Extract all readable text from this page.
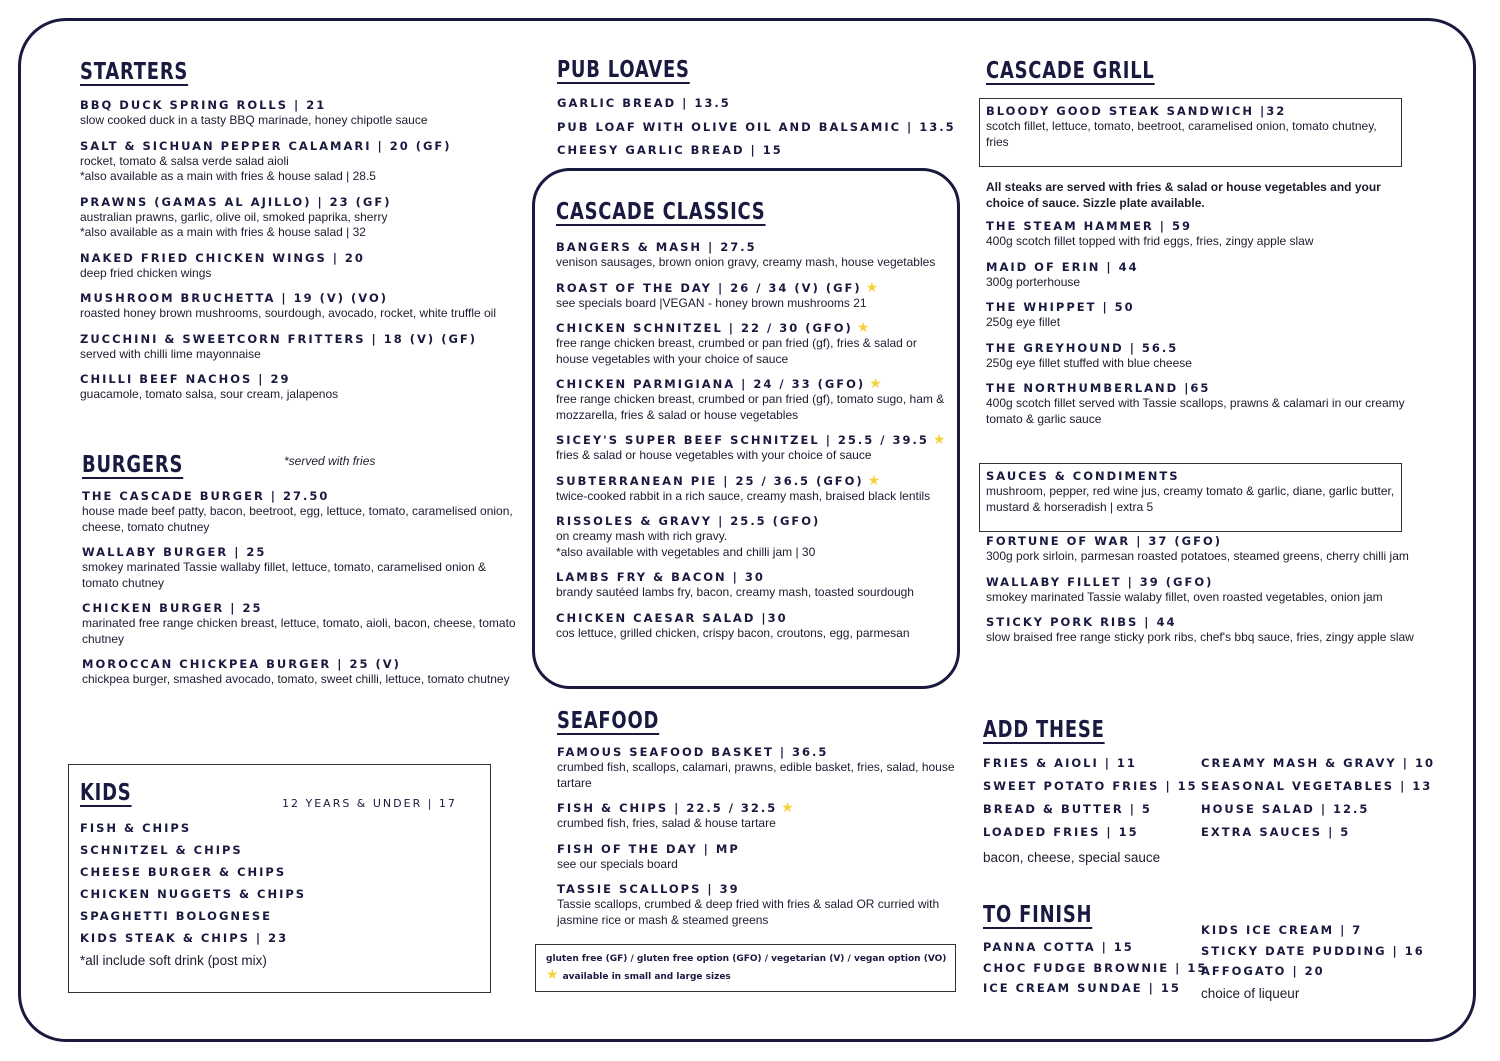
STARTERS
BBQ DUCK SPRING ROLLS | 21
slow cooked duck in a tasty BBQ marinade, honey chipotle sauce
SALT & SICHUAN PEPPER CALAMARI | 20 (GF)
rocket, tomato & salsa verde salad aioli
*also available as a main with fries & house salad | 28.5
PRAWNS (GAMAS AL AJILLO) | 23 (GF)
australian prawns, garlic, olive oil, smoked paprika, sherry
*also available as a main with fries & house salad | 32
NAKED FRIED CHICKEN WINGS | 20
deep fried chicken wings
MUSHROOM BRUCHETTA | 19 (V) (VO)
roasted honey brown mushrooms, sourdough, avocado, rocket, white truffle oil
ZUCCHINI & SWEETCORN FRITTERS | 18 (V) (GF)
served with chilli lime mayonnaise
CHILLI BEEF NACHOS | 29
guacamole, tomato salsa, sour cream, jalapenos
BURGERS	*served with fries
THE CASCADE BURGER | 27.50
house made beef patty, bacon, beetroot, egg, lettuce, tomato, caramelised onion, cheese, tomato chutney
WALLABY BURGER | 25
smokey marinated Tassie wallaby fillet, lettuce, tomato, caramelised onion & tomato chutney
CHICKEN BURGER | 25
marinated free range chicken breast, lettuce, tomato, aioli, bacon, cheese, tomato chutney
MOROCCAN CHICKPEA BURGER | 25 (V)
chickpea burger, smashed avocado, tomato, sweet chilli, lettuce, tomato chutney
KIDS	12 YEARS & UNDER | 17
FISH & CHIPS
SCHNITZEL & CHIPS
CHEESE BURGER & CHIPS
CHICKEN NUGGETS & CHIPS
SPAGHETTI BOLOGNESE
KIDS STEAK & CHIPS | 23
*all include soft drink (post mix)
PUB LOAVES
GARLIC BREAD | 13.5
PUB LOAF WITH OLIVE OIL AND BALSAMIC | 13.5
CHEESY GARLIC BREAD | 15
CASCADE CLASSICS
BANGERS & MASH | 27.5
venison sausages, brown onion gravy, creamy mash, house vegetables
ROAST OF THE DAY | 26 / 34 (V) (GF) ★
see specials board |VEGAN - honey brown mushrooms 21
CHICKEN SCHNITZEL | 22 / 30 (GFO) ★
free range chicken breast, crumbed or pan fried (gf), fries & salad or house vegetables with your choice of sauce
CHICKEN PARMIGIANA | 24 / 33 (GFO) ★
free range chicken breast, crumbed or pan fried (gf), tomato sugo, ham & mozzarella, fries & salad or house vegetables
SICEY'S SUPER BEEF SCHNITZEL | 25.5 / 39.5 ★
fries & salad or house vegetables with your choice of sauce
SUBTERRANEAN PIE | 25 / 36.5 (GFO) ★
twice-cooked rabbit in a rich sauce, creamy mash, braised black lentils
RISSOLES & GRAVY | 25.5 (GFO)
on creamy mash with rich gravy.
*also available with vegetables and chilli jam | 30
LAMBS FRY & BACON | 30
brandy sautéed lambs fry, bacon, creamy mash, toasted sourdough
CHICKEN CAESAR SALAD |30
cos lettuce, grilled chicken, crispy bacon, croutons, egg, parmesan
SEAFOOD
FAMOUS SEAFOOD BASKET | 36.5
crumbed fish, scallops, calamari, prawns, edible basket, fries, salad, house tartare
FISH & CHIPS | 22.5 / 32.5 ★
crumbed fish, fries, salad & house tartare
FISH OF THE DAY | MP
see our specials board
TASSIE SCALLOPS | 39
Tassie scallops, crumbed & deep fried with fries & salad OR curried with jasmine rice or mash & steamed greens
gluten free (GF) / gluten free option (GFO) / vegetarian (V) / vegan option (VO)
★ available in small and large sizes
CASCADE GRILL
BLOODY GOOD STEAK SANDWICH |32
scotch fillet, lettuce, tomato, beetroot, caramelised onion, tomato chutney, fries
All steaks are served with fries & salad or house vegetables and your choice of sauce. Sizzle plate available.
THE STEAM HAMMER | 59
400g scotch fillet topped with frid eggs, fries, zingy apple slaw
MAID OF ERIN | 44
300g porterhouse
THE WHIPPET | 50
250g eye fillet
THE GREYHOUND | 56.5
250g eye fillet stuffed with blue cheese
THE NORTHUMBERLAND |65
400g scotch fillet served with Tassie scallops, prawns & calamari in our creamy tomato & garlic sauce
SAUCES & CONDIMENTS
mushroom, pepper, red wine jus, creamy tomato & garlic, diane, garlic butter, mustard & horseradish | extra 5
FORTUNE OF WAR | 37 (GFO)
300g pork sirloin, parmesan roasted potatoes, steamed greens, cherry chilli jam
WALLABY FILLET | 39 (GFO)
smokey marinated Tassie walaby fillet, oven roasted vegetables, onion jam
STICKY PORK RIBS | 44
slow braised free range sticky pork ribs, chef's bbq sauce, fries, zingy apple slaw
ADD THESE
FRIES & AIOLI | 11
SWEET POTATO FRIES | 15
BREAD & BUTTER | 5
LOADED FRIES | 15
bacon, cheese, special sauce
CREAMY MASH & GRAVY | 10
SEASONAL VEGETABLES | 13
HOUSE SALAD | 12.5
EXTRA SAUCES | 5
TO FINISH
PANNA COTTA | 15
CHOC FUDGE BROWNIE | 15
ICE CREAM SUNDAE | 15
KIDS ICE CREAM | 7
STICKY DATE PUDDING | 16
AFFOGATO | 20
choice of liqueur
